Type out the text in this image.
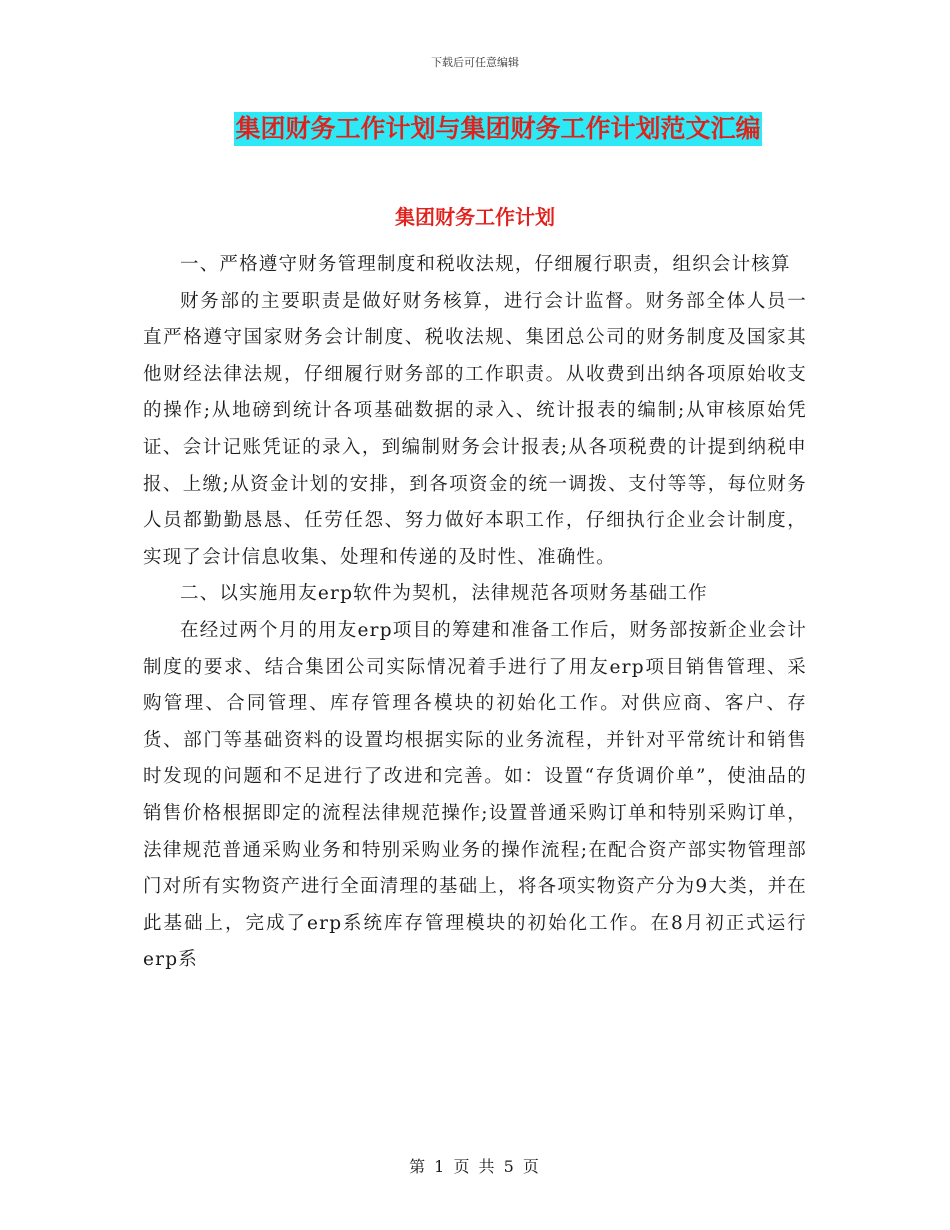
下载后可任意编辑
集团财务工作计划与集团财务工作计划范文汇编
集团财务工作计划

一、严格遵守财务管理制度和税收法规，仔细履行职责，组织会计核算

财务部的主要职责是做好财务核算，进行会计监督。财务部全体人员一直严格遵守国家财务会计制度、税收法规、集团总公司的财务制度及国家其他财经法律法规，仔细履行财务部的工作职责。从收费到出纳各项原始收支的操作;从地磅到统计各项基础数据的录入、统计报表的编制;从审核原始凭证、会计记账凭证的录入，到编制财务会计报表;从各项税费的计提到纳税申报、上缴;从资金计划的安排，到各项资金的统一调拨、支付等等，每位财务人员都勤勤恳恳、任劳任怨、努力做好本职工作，仔细执行企业会计制度，实现了会计信息收集、处理和传递的及时性、准确性。

二、以实施用友erp软件为契机，法律规范各项财务基础工作

在经过两个月的用友erp项目的筹建和准备工作后，财务部按新企业会计制度的要求、结合集团公司实际情况着手进行了用友erp项目销售管理、采购管理、合同管理、库存管理各模块的初始化工作。对供应商、客户、存货、部门等基础资料的设置均根据实际的业务流程，并针对平常统计和销售时发现的问题和不足进行了改进和完善。如：设置“存货调价单”，使油品的销售价格根据即定的流程法律规范操作;设置普通采购订单和特别采购订单，法律规范普通采购业务和特别采购业务的操作流程;在配合资产部实物管理部门对所有实物资产进行全面清理的基础上，将各项实物资产分为9大类，并在此基础上，完成了erp系统库存管理模块的初始化工作。在8月初正式运行erp系

第 1 页 共 5 页
